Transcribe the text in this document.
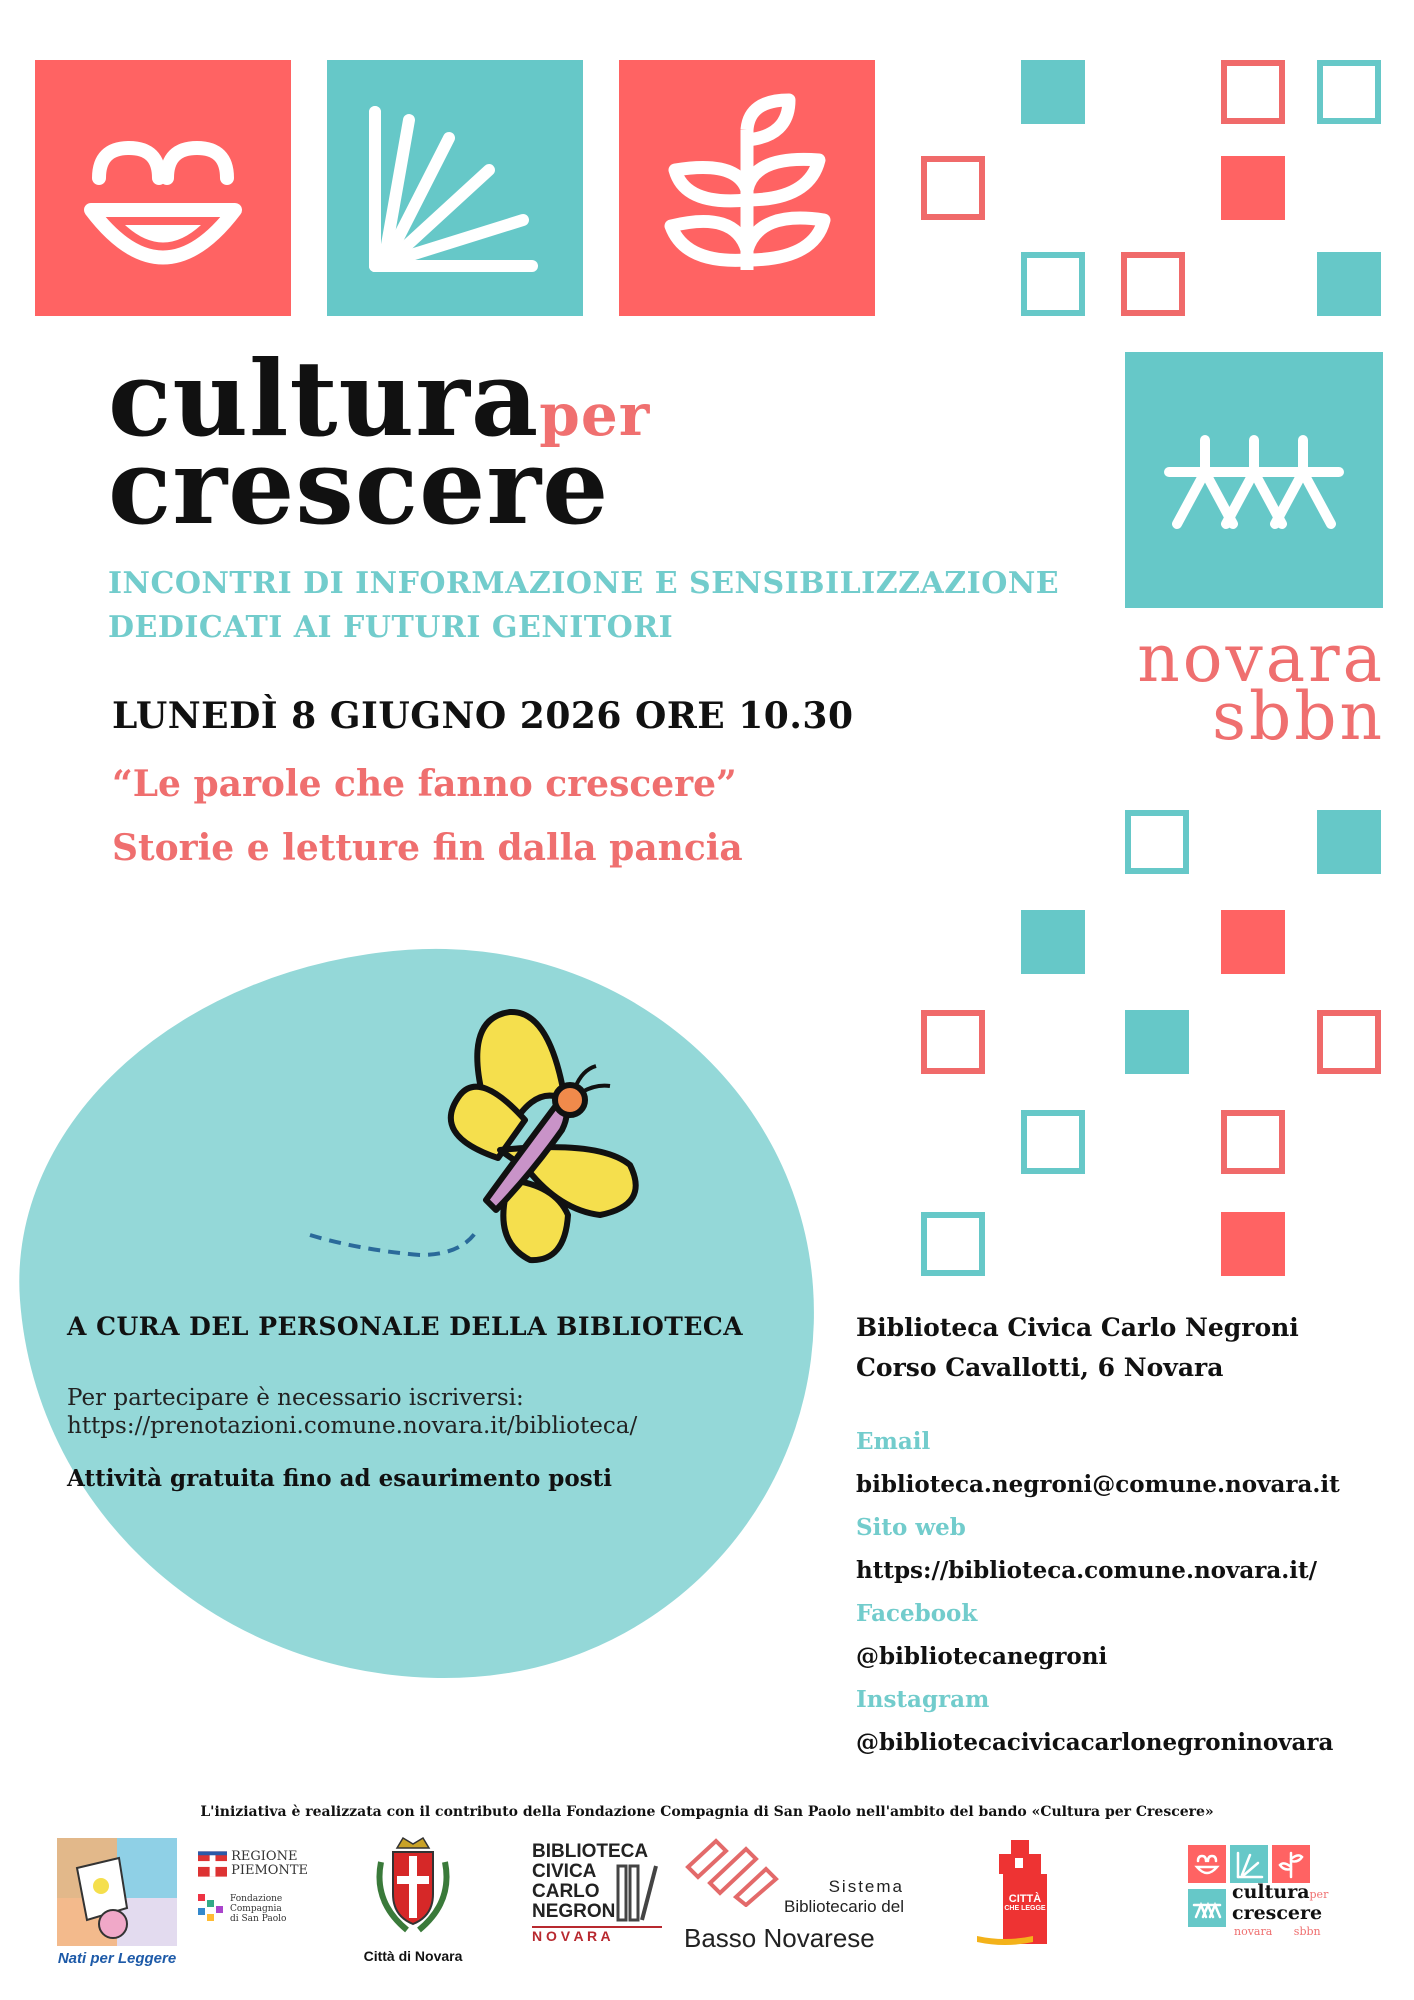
culturaper
crescere
INCONTRI DI INFORMAZIONE E SENSIBILIZZAZIONE
DEDICATI AI FUTURI GENITORI
LUNEDÌ 8 GIUGNO 2026 ORE 10.30
“Le parole che fanno crescere”
Storie e letture fin dalla pancia
novara
sbbn
A CURA DEL PERSONALE DELLA BIBLIOTECA
Per partecipare è necessario iscriversi:
https://prenotazioni.comune.novara.it/biblioteca/
Attività gratuita fino ad esaurimento posti
Biblioteca Civica Carlo Negroni
Corso Cavallotti, 6 Novara
Email
biblioteca.negroni@comune.novara.it
Sito web
https://biblioteca.comune.novara.it/
Facebook
@bibliotecanegroni
Instagram
@bibliotecacivicacarlonegroninovara
L'iniziativa è realizzata con il contributo della Fondazione Compagnia di San Paolo nell'ambito del bando «Cultura per Crescere»
Nati per Leggere
REGIONE
PIEMONTE
Fondazione
Compagnia
di San Paolo
Città di Novara
BIBLIOTECA
CIVICA
CARLO
NEGRONI
N O V A R A
Sistema
Bibliotecario del
Basso Novarese
CITTÀ
CHE LEGGE
culturaper
crescere
novara sbbn
